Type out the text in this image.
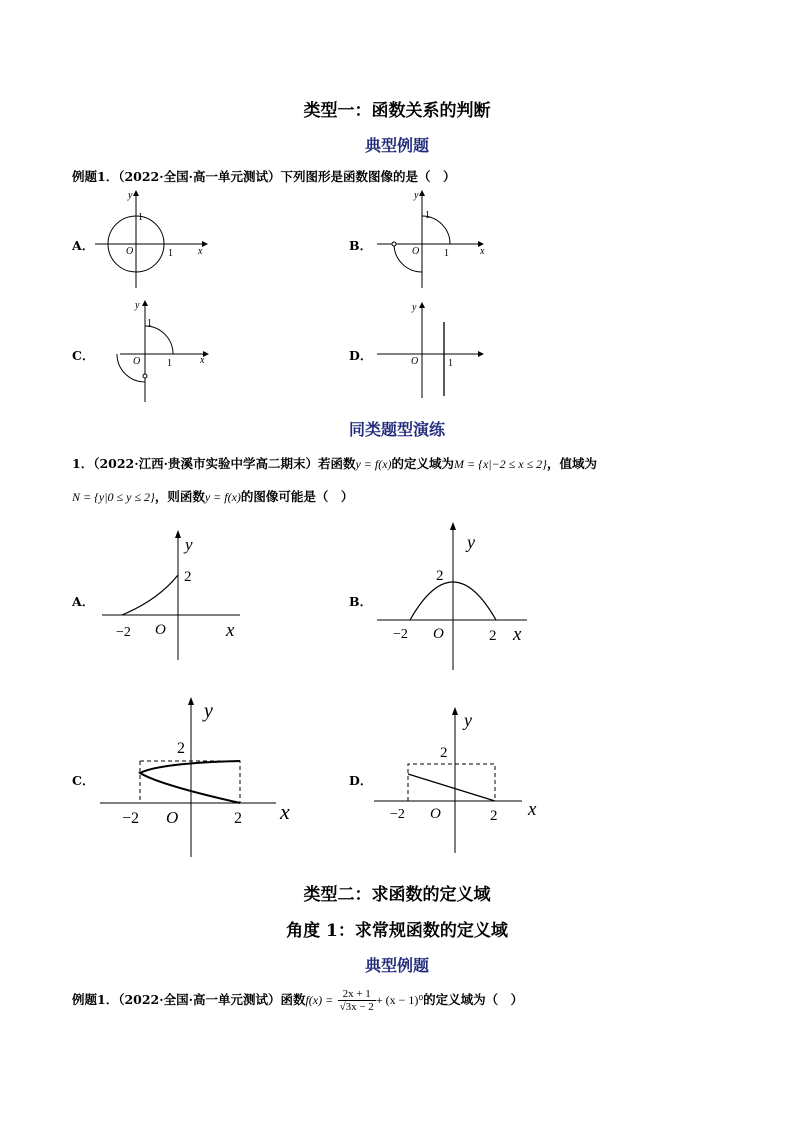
类型一：函数关系的判断
典型例题
例题1．（2022·全国·高一单元测试）下列图形是函数图像的是（　）
A．	B．
C．	D．
x
y
O	1
1
x
y
O 1
1
x
y
O	1
1
y
O	1
同类题型演练
1．（2022·江西·贵溪市实验中学高二期末）若函数y = f(x)的定义域为M = {x|−2 ≤ x ≤ 2}，值域为
N = {y|0 ≤ y ≤ 2}，则函数y = f(x)的图像可能是（　）
A．	B．
C．	D．
y
2
−2 O	x
y
2
−2 O	2 x
y
2
−2 O	2 x
y
2
−2 O	2 x
类型二：求函数的定义域
角度 1：求常规函数的定义域
典型例题
例题1．（2022·全国·高一单元测试）函数$f(x) = \frac{2x + 1}{√3x - 2} + (x - 1)^0$的定义域为（　）
